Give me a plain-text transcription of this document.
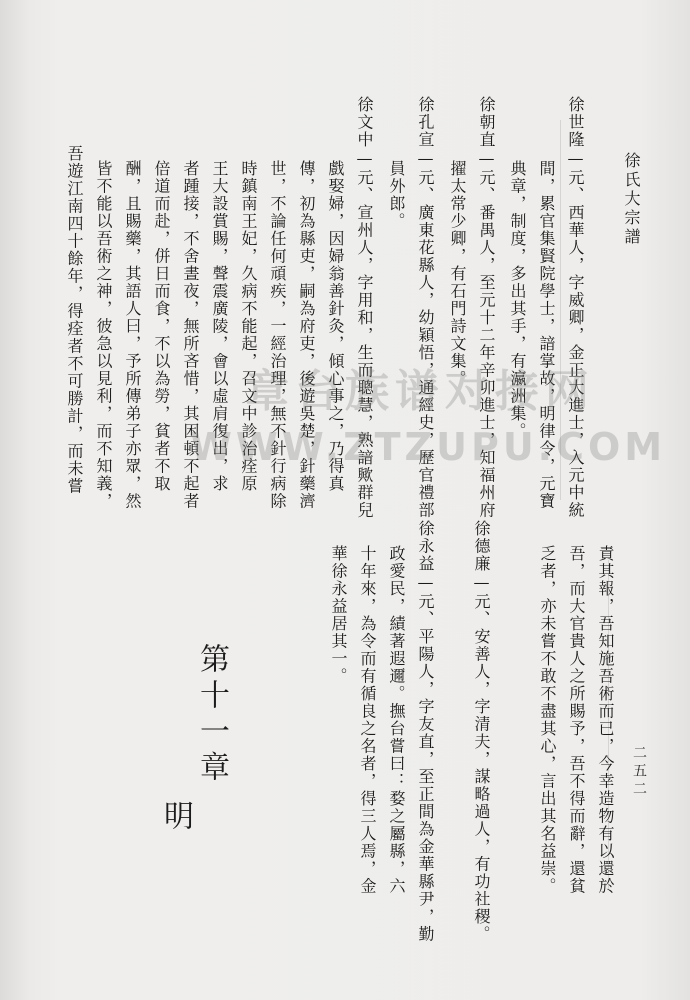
徐氏大宗譜
二五二
徐世隆—元、西華人，字威卿，金正大進士，入元中統
間，累官集賢院學士，諳掌故，明律令，元寶
典章，制度，多出其手，有瀛洲集。
徐朝直—元、番禺人，至元十二年辛卯進士，知福州府
擢太常少卿，有石門詩文集。
徐孔宣—元、廣東花縣人，幼穎悟，通經史，歷官禮部
員外郎。
徐文中—元、宣州人，字用和，生而聰慧，熟諳歟群兒
戲娶婦，因婦翁善針灸，傾心事之，乃得真
傳，初為縣吏，嗣為府吏，後遊吳楚，針藥濟
世，不論任何頑疾，一經治理，無不針行病除
時鎮南王妃，久病不能起，召文中診治痊原
王大設賞賜，聲震廣陵，會以虛肩復出，求
者踵接，不舍晝夜，無所吝惜，其困頓不起者
倍道而赴，併日而食，不以為勞，貧者不取
酬，且賜藥，其語人曰，予所傳弟子亦眾，然
皆不能以吾術之神，彼急以見利，而不知義，
吾遊江南四十餘年，得痊者不可勝計，而未嘗
責其報，吾知施吾術而已，今幸造物有以還於
吾，而大官貴人之所賜予，吾不得而辭，還貧
乏者，亦未嘗不敢不盡其心，言出其名益崇。
徐德廉—元、安善人，字清夫，謀略過人，有功社稷。
徐永益—元、平陽人，字友直，至正間為金華縣尹，勤
政愛民，績著遐邇。撫台嘗曰：婺之屬縣，六
十年來，為令而有循良之名者，得三人焉，金
華徐永益居其一。
第十一章
明
章台族谱对接网
WWW.ZTZUPU.COM
